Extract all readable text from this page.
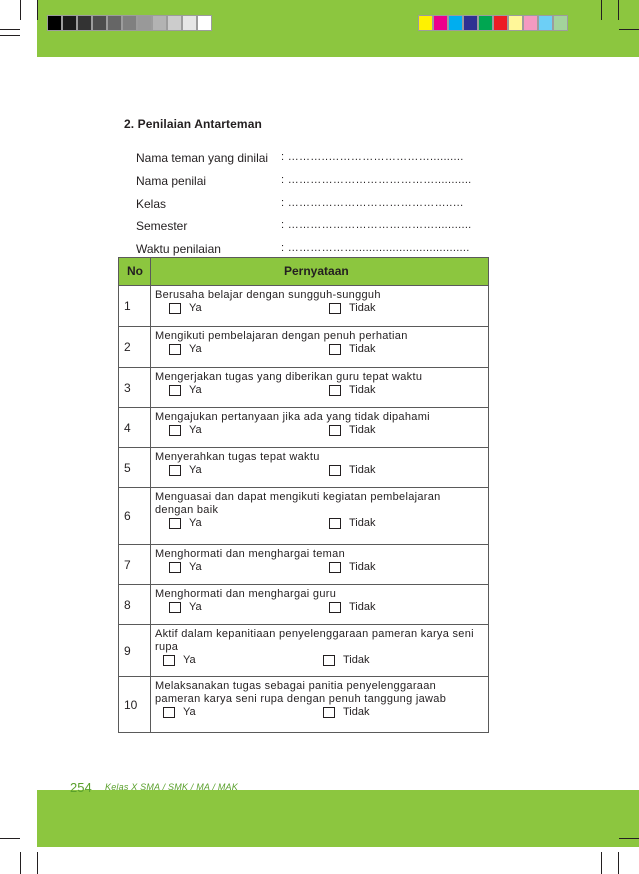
2. Penilaian Antarteman
Nama teman yang dinilai : ………..………………………..........
Nama penilai	: …………………………………...........
Kelas	: ……………………………………..…
Semester	: …………………………………...........
Waktu penilaian	: ………………..................................
No	Pernyataan
1
Berusaha belajar dengan sungguh-sungguh
Ya	Tidak
2
Mengikuti pembelajaran dengan penuh perhatian
Ya	Tidak
3
Mengerjakan tugas yang diberikan guru tepat waktu
Ya	Tidak
4
Mengajukan pertanyaan jika ada yang tidak dipahami
Ya	Tidak
5
Menyerahkan tugas tepat waktu
Ya	Tidak
6
Menguasai dan dapat mengikuti kegiatan pembelajaran dengan baik
Ya	Tidak
7
Menghormati dan menghargai teman
Ya	Tidak
8
Menghormati dan menghargai guru
Ya	Tidak
9
Aktif dalam kepanitiaan penyelenggaraan pameran karya seni rupa
Ya	Tidak
10
Melaksanakan tugas sebagai panitia penyelenggaraan pameran karya seni rupa dengan penuh tanggung jawab
Ya	Tidak
254 Kelas X SMA / SMK / MA / MAK
